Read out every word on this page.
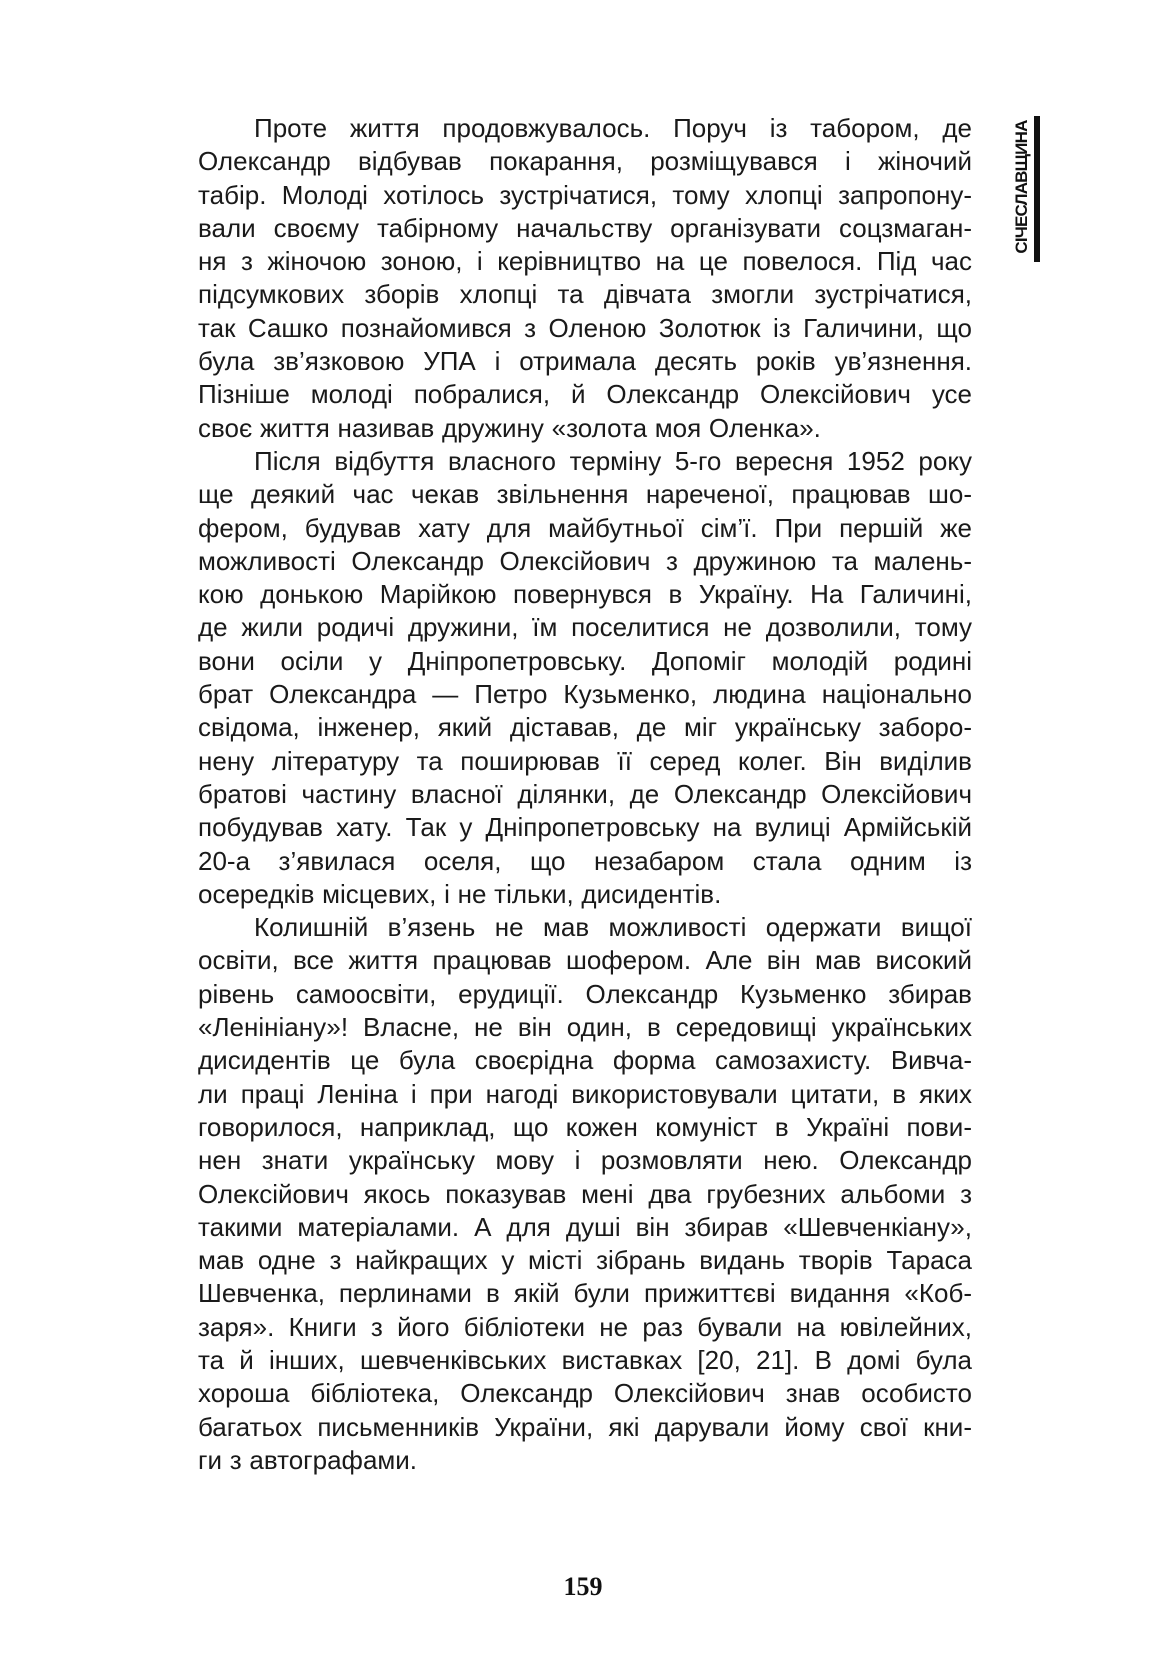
СІЧЕСЛАВЩИНА

Проте життя продовжувалось. Поруч із табором, де
Олександр відбував покарання, розміщувався і жіночий
табір. Молоді хотілось зустрічатися, тому хлопці запропону-
вали своєму табірному начальству організувати соцзмаган-
ня з жіночою зоною, і керівництво на це повелося. Під час
підсумкових зборів хлопці та дівчата змогли зустрічатися,
так Сашко познайомився з Оленою Золотюк із Галичини, що
була зв’язковою УПА і отримала десять років ув’язнення.
Пізніше молоді побралися, й Олександр Олексійович усе
своє життя називав дружину «золота моя Оленка».

Після відбуття власного терміну 5-го вересня 1952 року
ще деякий час чекав звільнення нареченої, працював шо-
фером, будував хату для майбутньої сім’ї. При першій же
можливості Олександр Олексійович з дружиною та малень-
кою донькою Марійкою повернувся в Україну. На Галичині,
де жили родичі дружини, їм поселитися не дозволили, тому
вони осіли у Дніпропетровську. Допоміг молодій родині
брат Олександра — Петро Кузьменко, людина національно
свідома, інженер, який діставав, де міг українську заборо-
нену літературу та поширював її серед колег. Він виділив
братові частину власної ділянки, де Олександр Олексійович
побудував хату. Так у Дніпропетровську на вулиці Армійській
20-а з’явилася оселя, що незабаром стала одним із
осередків місцевих, і не тільки, дисидентів.

Колишній в’язень не мав можливості одержати вищої
освіти, все життя працював шофером. Але він мав високий
рівень самоосвіти, ерудиції. Олександр Кузьменко збирав
«Ленініану»! Власне, не він один, в середовищі українських
дисидентів це була своєрідна форма самозахисту. Вивча-
ли праці Леніна і при нагоді використовували цитати, в яких
говорилося, наприклад, що кожен комуніст в Україні пови-
нен знати українську мову і розмовляти нею. Олександр
Олексійович якось показував мені два грубезних альбоми з
такими матеріалами. А для душі він збирав «Шевченкіану»,
мав одне з найкращих у місті зібрань видань творів Тараса
Шевченка, перлинами в якій були прижиттєві видання «Коб-
заря». Книги з його бібліотеки не раз бували на ювілейних,
та й інших, шевченківських виставках [20, 21]. В домі була
хороша бібліотека, Олександр Олексійович знав особисто
багатьох письменників України, які дарували йому свої кни-
ги з автографами.

159
